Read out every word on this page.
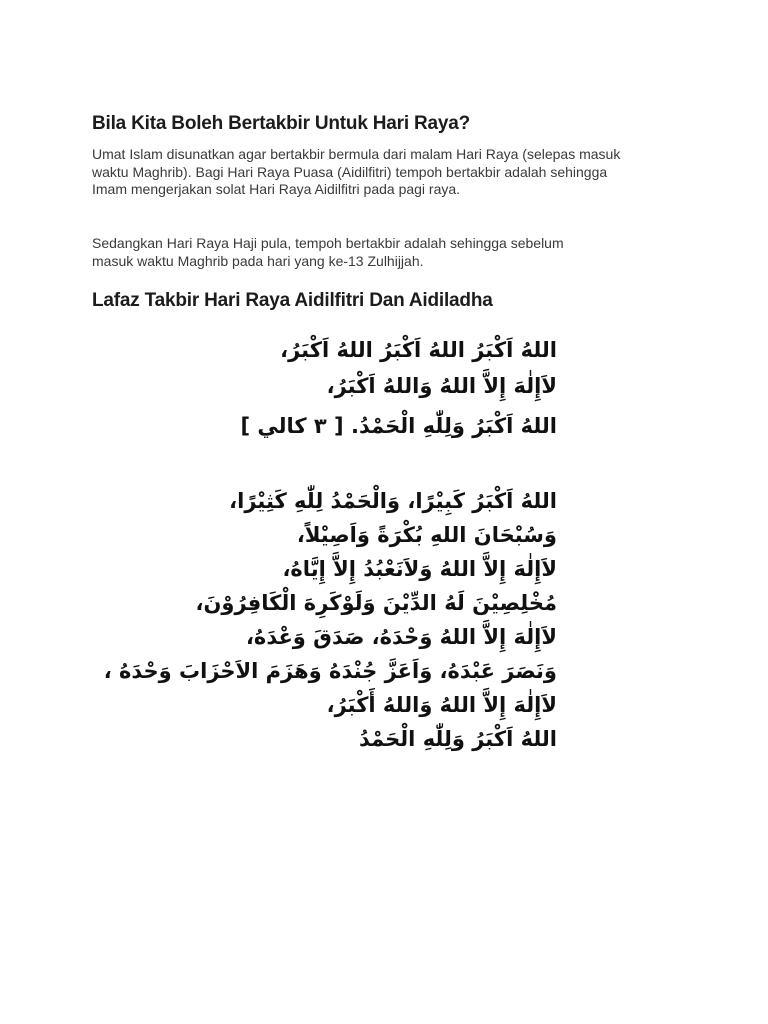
Bila Kita Boleh Bertakbir Untuk Hari Raya?

Umat Islam disunatkan agar bertakbir bermula dari malam Hari Raya (selepas masuk
waktu Maghrib). Bagi Hari Raya Puasa (Aidilfitri) tempoh bertakbir adalah sehingga
Imam mengerjakan solat Hari Raya Aidilfitri pada pagi raya.

Sedangkan Hari Raya Haji pula, tempoh bertakbir adalah sehingga sebelum
masuk waktu Maghrib pada hari yang ke-13 Zulhijjah.

Lafaz Takbir Hari Raya Aidilfitri Dan Aidiladha
اللهُ اَكْبَرُ اللهُ اَكْبَرُ اللهُ اَكْبَرُ،
لاَإِلٰهَ إِلاَّ اللهُ وَاللهُ اَكْبَرُ،
اللهُ اَكْبَرُ وَلِلّٰهِ الْحَمْدُ. [ ٣ كالي ]
اللهُ اَكْبَرُ كَبِيْرًا، وَالْحَمْدُ لِلّٰهِ كَثِيْرًا،
وَسُبْحَانَ اللهِ بُكْرَةً وَاَصِيْلاً،
لاَإِلٰهَ إِلاَّ اللهُ وَلاَنَعْبُدُ إِلاَّ إِيَّاهُ،
مُخْلِصِيْنَ لَهُ الدِّيْنَ وَلَوْكَرِهَ الْكَافِرُوْنَ،
لاَإِلٰهَ إِلاَّ اللهُ وَحْدَهُ، صَدَقَ وَعْدَهُ،
وَنَصَرَ عَبْدَهُ، وَاَعَزَّ جُنْدَهُ وَهَزَمَ الاَحْزَابَ وَحْدَهُ ،
لاَإِلٰهَ إِلاَّ اللهُ وَاللهُ أَكْبَرُ،
اللهُ اَكْبَرُ وَلِلّٰهِ الْحَمْدُ
